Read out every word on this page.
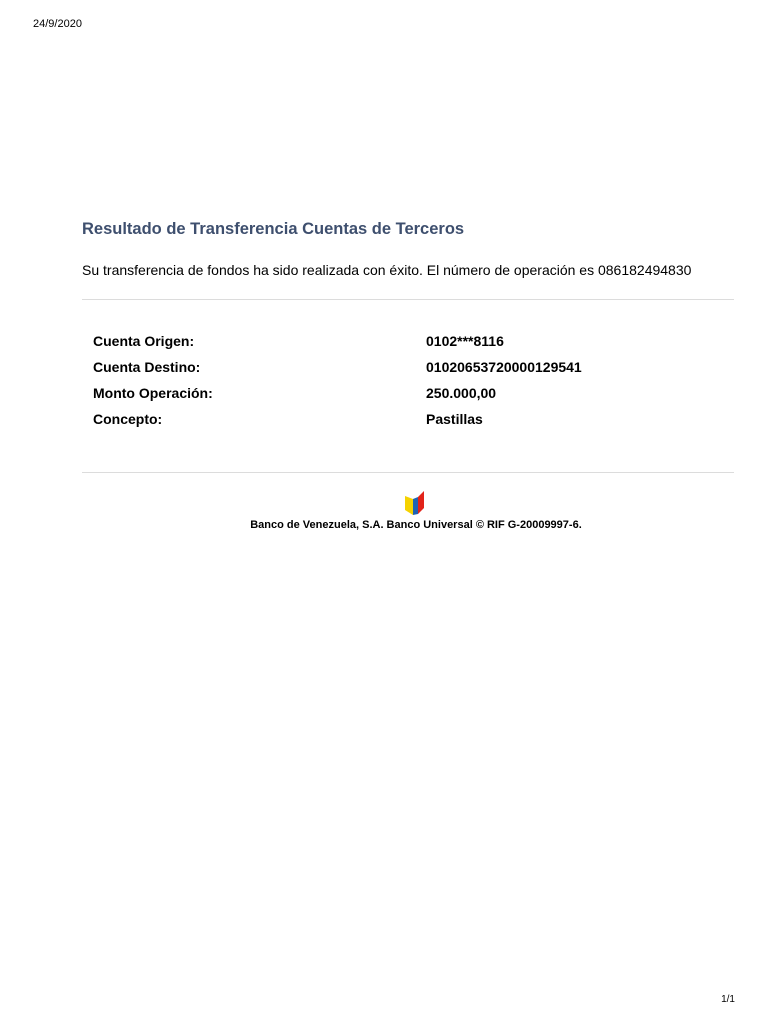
24/9/2020
Resultado de Transferencia Cuentas de Terceros
Su transferencia de fondos ha sido realizada con éxito. El número de operación es 086182494830
Cuenta Origen:	0102***8116
Cuenta Destino:	01020653720000129541
Monto Operación:	250.000,00
Concepto:	Pastillas
Banco de Venezuela, S.A. Banco Universal © RIF G-20009997-6.
1/1
